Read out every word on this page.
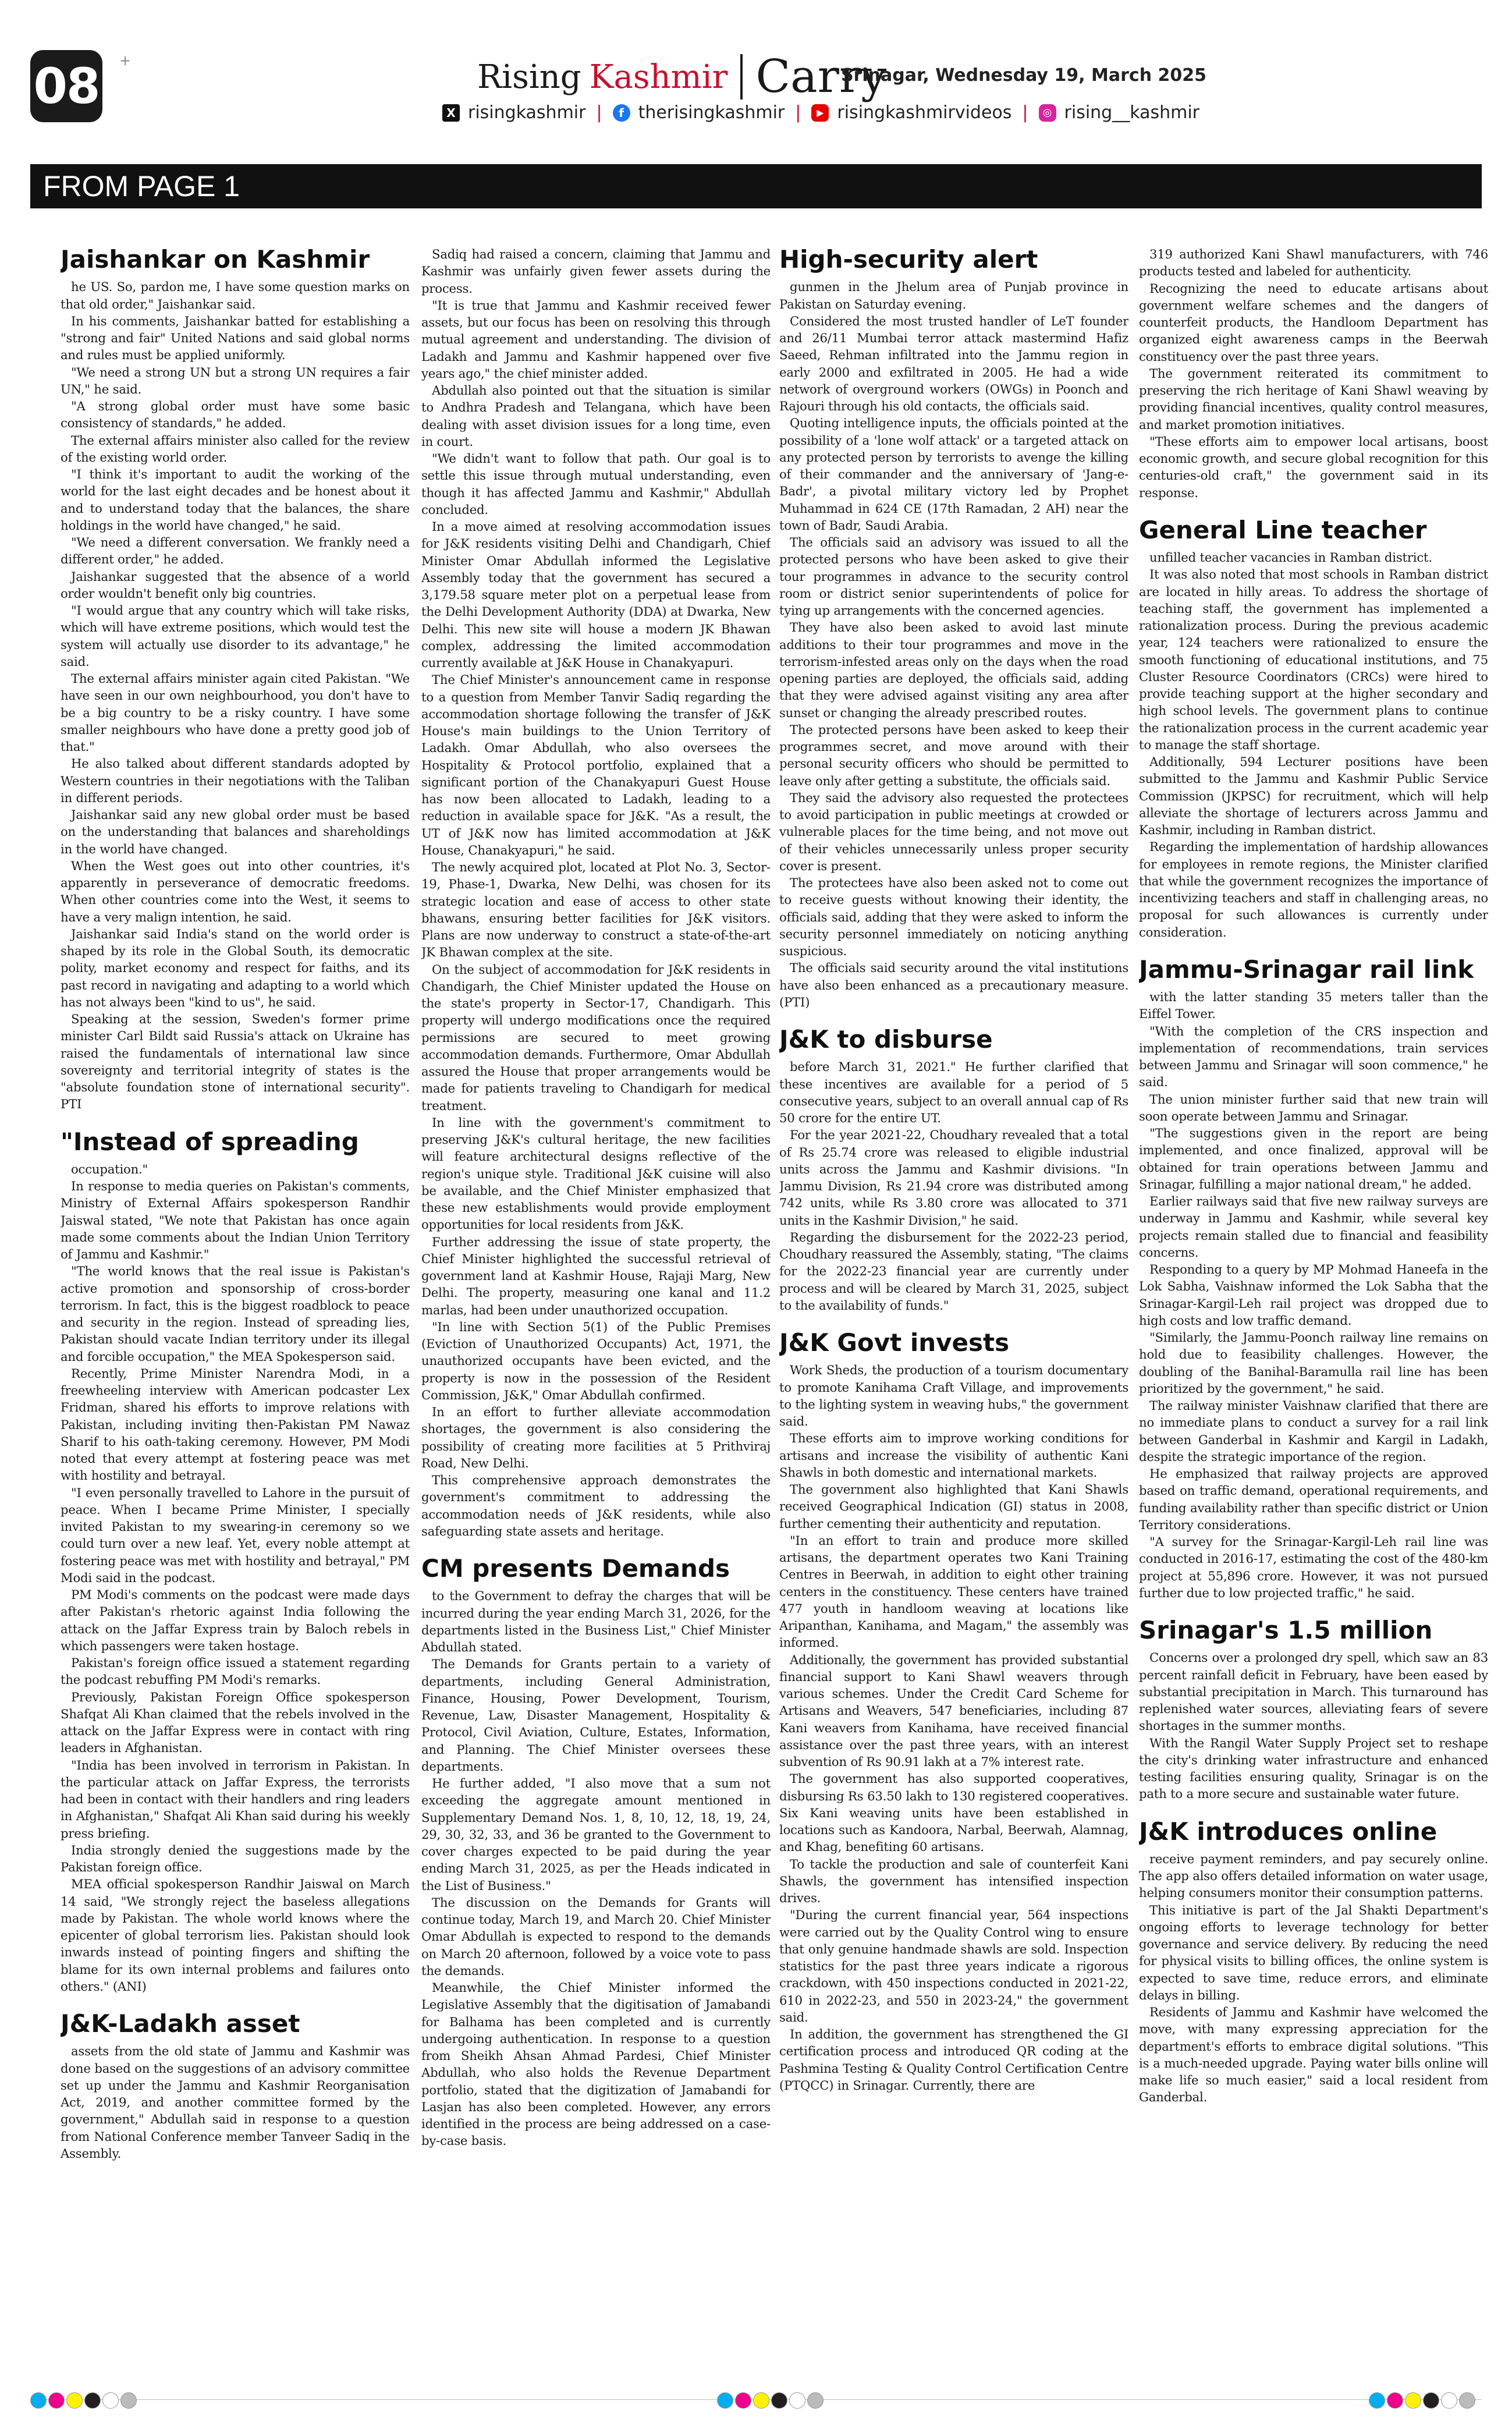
08 +	Rising Kashmir Carry
Srinagar, Wednesday 19, March 2025
X risingkashmir |	f therisingkashmir |	▶ risingkashmirvideos |	◎ rising__kashmir
FROM PAGE 1
Jaishankar on Kashmir

he US. So, pardon me, I have some question marks on that old order," Jaishankar said.

In his comments, Jaishankar batted for establishing a "strong and fair" United Nations and said global norms and rules must be applied uniformly.

"We need a strong UN but a strong UN requires a fair UN," he said.

"A strong global order must have some basic consistency of standards," he added.

The external affairs minister also called for the review of the existing world order.

"I think it's important to audit the working of the world for the last eight decades and be honest about it and to understand today that the balances, the share holdings in the world have changed," he said.

"We need a different conversation. We frankly need a different order," he added.

Jaishankar suggested that the absence of a world order wouldn't benefit only big countries.

"I would argue that any country which will take risks, which will have extreme positions, which would test the system will actually use disorder to its advantage," he said.

The external affairs minister again cited Pakistan. "We have seen in our own neighbourhood, you don't have to be a big country to be a risky country. I have some smaller neighbours who have done a pretty good job of that."

He also talked about different standards adopted by Western countries in their negotiations with the Taliban in different periods.

Jaishankar said any new global order must be based on the understanding that balances and shareholdings in the world have changed.

When the West goes out into other countries, it's apparently in perseverance of democratic freedoms. When other countries come into the West, it seems to have a very malign intention, he said.

Jaishankar said India's stand on the world order is shaped by its role in the Global South, its democratic polity, market economy and respect for faiths, and its past record in navigating and adapting to a world which has not always been "kind to us", he said.

Speaking at the session, Sweden's former prime minister Carl Bildt said Russia's attack on Ukraine has raised the fundamentals of international law since sovereignty and territorial integrity of states is the "absolute foundation stone of international security". PTI

"Instead of spreading

occupation."

In response to media queries on Pakistan's comments, Ministry of External Affairs spokesperson Randhir Jaiswal stated, "We note that Pakistan has once again made some comments about the Indian Union Territory of Jammu and Kashmir."

"The world knows that the real issue is Pakistan's active promotion and sponsorship of cross-border terrorism. In fact, this is the biggest roadblock to peace and security in the region. Instead of spreading lies, Pakistan should vacate Indian territory under its illegal and forcible occupation," the MEA Spokesperson said.

Recently, Prime Minister Narendra Modi, in a freewheeling interview with American podcaster Lex Fridman, shared his efforts to improve relations with Pakistan, including inviting then-Pakistan PM Nawaz Sharif to his oath-taking ceremony. However, PM Modi noted that every attempt at fostering peace was met with hostility and betrayal.

"I even personally travelled to Lahore in the pursuit of peace. When I became Prime Minister, I specially invited Pakistan to my swearing-in ceremony so we could turn over a new leaf. Yet, every noble attempt at fostering peace was met with hostility and betrayal," PM Modi said in the podcast.

PM Modi's comments on the podcast were made days after Pakistan's rhetoric against India following the attack on the Jaffar Express train by Baloch rebels in which passengers were taken hostage.

Pakistan's foreign office issued a statement regarding the podcast rebuffing PM Modi's remarks.

Previously, Pakistan Foreign Office spokesperson Shafqat Ali Khan claimed that the rebels involved in the attack on the Jaffar Express were in contact with ring leaders in Afghanistan.

"India has been involved in terrorism in Pakistan. In the particular attack on Jaffar Express, the terrorists had been in contact with their handlers and ring leaders in Afghanistan," Shafqat Ali Khan said during his weekly press briefing.

India strongly denied the suggestions made by the Pakistan foreign office.

MEA official spokesperson Randhir Jaiswal on March 14 said, "We strongly reject the baseless allegations made by Pakistan. The whole world knows where the epicenter of global terrorism lies. Pakistan should look inwards instead of pointing fingers and shifting the blame for its own internal problems and failures onto others." (ANI)

J&K-Ladakh asset

assets from the old state of Jammu and Kashmir was done based on the suggestions of an advisory committee set up under the Jammu and Kashmir Reorganisation Act, 2019, and another committee formed by the government," Abdullah said in response to a question from National Conference member Tanveer Sadiq in the Assembly.

Sadiq had raised a concern, claiming that Jammu and Kashmir was unfairly given fewer assets during the process.

"It is true that Jammu and Kashmir received fewer assets, but our focus has been on resolving this through mutual agreement and understanding. The division of Ladakh and Jammu and Kashmir happened over five years ago," the chief minister added.

Abdullah also pointed out that the situation is similar to Andhra Pradesh and Telangana, which have been dealing with asset division issues for a long time, even in court.

"We didn't want to follow that path. Our goal is to settle this issue through mutual understanding, even though it has affected Jammu and Kashmir," Abdullah concluded.

In a move aimed at resolving accommodation issues for J&K residents visiting Delhi and Chandigarh, Chief Minister Omar Abdullah informed the Legislative Assembly today that the government has secured a 3,179.58 square meter plot on a perpetual lease from the Delhi Development Authority (DDA) at Dwarka, New Delhi. This new site will house a modern JK Bhawan complex, addressing the limited accommodation currently available at J&K House in Chanakyapuri.

The Chief Minister's announcement came in response to a question from Member Tanvir Sadiq regarding the accommodation shortage following the transfer of J&K House's main buildings to the Union Territory of Ladakh. Omar Abdullah, who also oversees the Hospitality & Protocol portfolio, explained that a significant portion of the Chanakyapuri Guest House has now been allocated to Ladakh, leading to a reduction in available space for J&K. "As a result, the UT of J&K now has limited accommodation at J&K House, Chanakyapuri," he said.

The newly acquired plot, located at Plot No. 3, Sector-19, Phase-1, Dwarka, New Delhi, was chosen for its strategic location and ease of access to other state bhawans, ensuring better facilities for J&K visitors. Plans are now underway to construct a state-of-the-art JK Bhawan complex at the site.

On the subject of accommodation for J&K residents in Chandigarh, the Chief Minister updated the House on the state's property in Sector-17, Chandigarh. This property will undergo modifications once the required permissions are secured to meet growing accommodation demands. Furthermore, Omar Abdullah assured the House that proper arrangements would be made for patients traveling to Chandigarh for medical treatment.

In line with the government's commitment to preserving J&K's cultural heritage, the new facilities will feature architectural designs reflective of the region's unique style. Traditional J&K cuisine will also be available, and the Chief Minister emphasized that these new establishments would provide employment opportunities for local residents from J&K.

Further addressing the issue of state property, the Chief Minister highlighted the successful retrieval of government land at Kashmir House, Rajaji Marg, New Delhi. The property, measuring one kanal and 11.2 marlas, had been under unauthorized occupation.

"In line with Section 5(1) of the Public Premises (Eviction of Unauthorized Occupants) Act, 1971, the unauthorized occupants have been evicted, and the property is now in the possession of the Resident Commission, J&K," Omar Abdullah confirmed.

In an effort to further alleviate accommodation shortages, the government is also considering the possibility of creating more facilities at 5 Prithviraj Road, New Delhi.

This comprehensive approach demonstrates the government's commitment to addressing the accommodation needs of J&K residents, while also safeguarding state assets and heritage.

CM presents Demands

to the Government to defray the charges that will be incurred during the year ending March 31, 2026, for the departments listed in the Business List," Chief Minister Abdullah stated.

The Demands for Grants pertain to a variety of departments, including General Administration, Finance, Housing, Power Development, Tourism, Revenue, Law, Disaster Management, Hospitality & Protocol, Civil Aviation, Culture, Estates, Information, and Planning. The Chief Minister oversees these departments.

He further added, "I also move that a sum not exceeding the aggregate amount mentioned in Supplementary Demand Nos. 1, 8, 10, 12, 18, 19, 24, 29, 30, 32, 33, and 36 be granted to the Government to cover charges expected to be paid during the year ending March 31, 2025, as per the Heads indicated in the List of Business."

The discussion on the Demands for Grants will continue today, March 19, and March 20. Chief Minister Omar Abdullah is expected to respond to the demands on March 20 afternoon, followed by a voice vote to pass the demands.

Meanwhile, the Chief Minister informed the Legislative Assembly that the digitisation of Jamabandi for Balhama has been completed and is currently undergoing authentication. In response to a question from Sheikh Ahsan Ahmad Pardesi, Chief Minister Abdullah, who also holds the Revenue Department portfolio, stated that the digitization of Jamabandi for Lasjan has also been completed. However, any errors identified in the process are being addressed on a case-by-case basis.

High-security alert

gunmen in the Jhelum area of Punjab province in Pakistan on Saturday evening.

Considered the most trusted handler of LeT founder and 26/11 Mumbai terror attack mastermind Hafiz Saeed, Rehman infiltrated into the Jammu region in early 2000 and exfiltrated in 2005. He had a wide network of overground workers (OWGs) in Poonch and Rajouri through his old contacts, the officials said.

Quoting intelligence inputs, the officials pointed at the possibility of a 'lone wolf attack' or a targeted attack on any protected person by terrorists to avenge the killing of their commander and the anniversary of 'Jang-e-Badr', a pivotal military victory led by Prophet Muhammad in 624 CE (17th Ramadan, 2 AH) near the town of Badr, Saudi Arabia.

The officials said an advisory was issued to all the protected persons who have been asked to give their tour programmes in advance to the security control room or district senior superintendents of police for tying up arrangements with the concerned agencies.

They have also been asked to avoid last minute additions to their tour programmes and move in the terrorism-infested areas only on the days when the road opening parties are deployed, the officials said, adding that they were advised against visiting any area after sunset or changing the already prescribed routes.

The protected persons have been asked to keep their programmes secret, and move around with their personal security officers who should be permitted to leave only after getting a substitute, the officials said.

They said the advisory also requested the protectees to avoid participation in public meetings at crowded or vulnerable places for the time being, and not move out of their vehicles unnecessarily unless proper security cover is present.

The protectees have also been asked not to come out to receive guests without knowing their identity, the officials said, adding that they were asked to inform the security personnel immediately on noticing anything suspicious.

The officials said security around the vital institutions have also been enhanced as a precautionary measure. (PTI)

J&K to disburse

before March 31, 2021." He further clarified that these incentives are available for a period of 5 consecutive years, subject to an overall annual cap of Rs 50 crore for the entire UT.

For the year 2021-22, Choudhary revealed that a total of Rs 25.74 crore was released to eligible industrial units across the Jammu and Kashmir divisions. "In Jammu Division, Rs 21.94 crore was distributed among 742 units, while Rs 3.80 crore was allocated to 371 units in the Kashmir Division," he said.

Regarding the disbursement for the 2022-23 period, Choudhary reassured the Assembly, stating, "The claims for the 2022-23 financial year are currently under process and will be cleared by March 31, 2025, subject to the availability of funds."

J&K Govt invests

Work Sheds, the production of a tourism documentary to promote Kanihama Craft Village, and improvements to the lighting system in weaving hubs," the government said.

These efforts aim to improve working conditions for artisans and increase the visibility of authentic Kani Shawls in both domestic and international markets.

The government also highlighted that Kani Shawls received Geographical Indication (GI) status in 2008, further cementing their authenticity and reputation.

"In an effort to train and produce more skilled artisans, the department operates two Kani Training Centres in Beerwah, in addition to eight other training centers in the constituency. These centers have trained 477 youth in handloom weaving at locations like Aripanthan, Kanihama, and Magam," the assembly was informed.

Additionally, the government has provided substantial financial support to Kani Shawl weavers through various schemes. Under the Credit Card Scheme for Artisans and Weavers, 547 beneficiaries, including 87 Kani weavers from Kanihama, have received financial assistance over the past three years, with an interest subvention of Rs 90.91 lakh at a 7% interest rate.

The government has also supported cooperatives, disbursing Rs 63.50 lakh to 130 registered cooperatives. Six Kani weaving units have been established in locations such as Kandoora, Narbal, Beerwah, Alamnag, and Khag, benefiting 60 artisans.

To tackle the production and sale of counterfeit Kani Shawls, the government has intensified inspection drives.

"During the current financial year, 564 inspections were carried out by the Quality Control wing to ensure that only genuine handmade shawls are sold. Inspection statistics for the past three years indicate a rigorous crackdown, with 450 inspections conducted in 2021-22, 610 in 2022-23, and 550 in 2023-24," the government said.

In addition, the government has strengthened the GI certification process and introduced QR coding at the Pashmina Testing & Quality Control Certification Centre (PTQCC) in Srinagar. Currently, there are

319 authorized Kani Shawl manufacturers, with 746 products tested and labeled for authenticity.

Recognizing the need to educate artisans about government welfare schemes and the dangers of counterfeit products, the Handloom Department has organized eight awareness camps in the Beerwah constituency over the past three years.

The government reiterated its commitment to preserving the rich heritage of Kani Shawl weaving by providing financial incentives, quality control measures, and market promotion initiatives.

"These efforts aim to empower local artisans, boost economic growth, and secure global recognition for this centuries-old craft," the government said in its response.

General Line teacher

unfilled teacher vacancies in Ramban district.

It was also noted that most schools in Ramban district are located in hilly areas. To address the shortage of teaching staff, the government has implemented a rationalization process. During the previous academic year, 124 teachers were rationalized to ensure the smooth functioning of educational institutions, and 75 Cluster Resource Coordinators (CRCs) were hired to provide teaching support at the higher secondary and high school levels. The government plans to continue the rationalization process in the current academic year to manage the staff shortage.

Additionally, 594 Lecturer positions have been submitted to the Jammu and Kashmir Public Service Commission (JKPSC) for recruitment, which will help alleviate the shortage of lecturers across Jammu and Kashmir, including in Ramban district.

Regarding the implementation of hardship allowances for employees in remote regions, the Minister clarified that while the government recognizes the importance of incentivizing teachers and staff in challenging areas, no proposal for such allowances is currently under consideration.

Jammu-Srinagar rail link

with the latter standing 35 meters taller than the Eiffel Tower.

"With the completion of the CRS inspection and implementation of recommendations, train services between Jammu and Srinagar will soon commence," he said.

The union minister further said that new train will soon operate between Jammu and Srinagar.

"The suggestions given in the report are being implemented, and once finalized, approval will be obtained for train operations between Jammu and Srinagar, fulfilling a major national dream," he added.

Earlier railways said that five new railway surveys are underway in Jammu and Kashmir, while several key projects remain stalled due to financial and feasibility concerns.

Responding to a query by MP Mohmad Haneefa in the Lok Sabha, Vaishnaw informed the Lok Sabha that the Srinagar-Kargil-Leh rail project was dropped due to high costs and low traffic demand.

"Similarly, the Jammu-Poonch railway line remains on hold due to feasibility challenges. However, the doubling of the Banihal-Baramulla rail line has been prioritized by the government," he said.

The railway minister Vaishnaw clarified that there are no immediate plans to conduct a survey for a rail link between Ganderbal in Kashmir and Kargil in Ladakh, despite the strategic importance of the region.

He emphasized that railway projects are approved based on traffic demand, operational requirements, and funding availability rather than specific district or Union Territory considerations.

"A survey for the Srinagar-Kargil-Leh rail line was conducted in 2016-17, estimating the cost of the 480-km project at 55,896 crore. However, it was not pursued further due to low projected traffic," he said.

Srinagar's 1.5 million

Concerns over a prolonged dry spell, which saw an 83 percent rainfall deficit in February, have been eased by substantial precipitation in March. This turnaround has replenished water sources, alleviating fears of severe shortages in the summer months.

With the Rangil Water Supply Project set to reshape the city's drinking water infrastructure and enhanced testing facilities ensuring quality, Srinagar is on the path to a more secure and sustainable water future.

J&K introduces online

receive payment reminders, and pay securely online. The app also offers detailed information on water usage, helping consumers monitor their consumption patterns.

This initiative is part of the Jal Shakti Department's ongoing efforts to leverage technology for better governance and service delivery. By reducing the need for physical visits to billing offices, the online system is expected to save time, reduce errors, and eliminate delays in billing.

Residents of Jammu and Kashmir have welcomed the move, with many expressing appreciation for the department's efforts to embrace digital solutions. "This is a much-needed upgrade. Paying water bills online will make life so much easier," said a local resident from Ganderbal.
